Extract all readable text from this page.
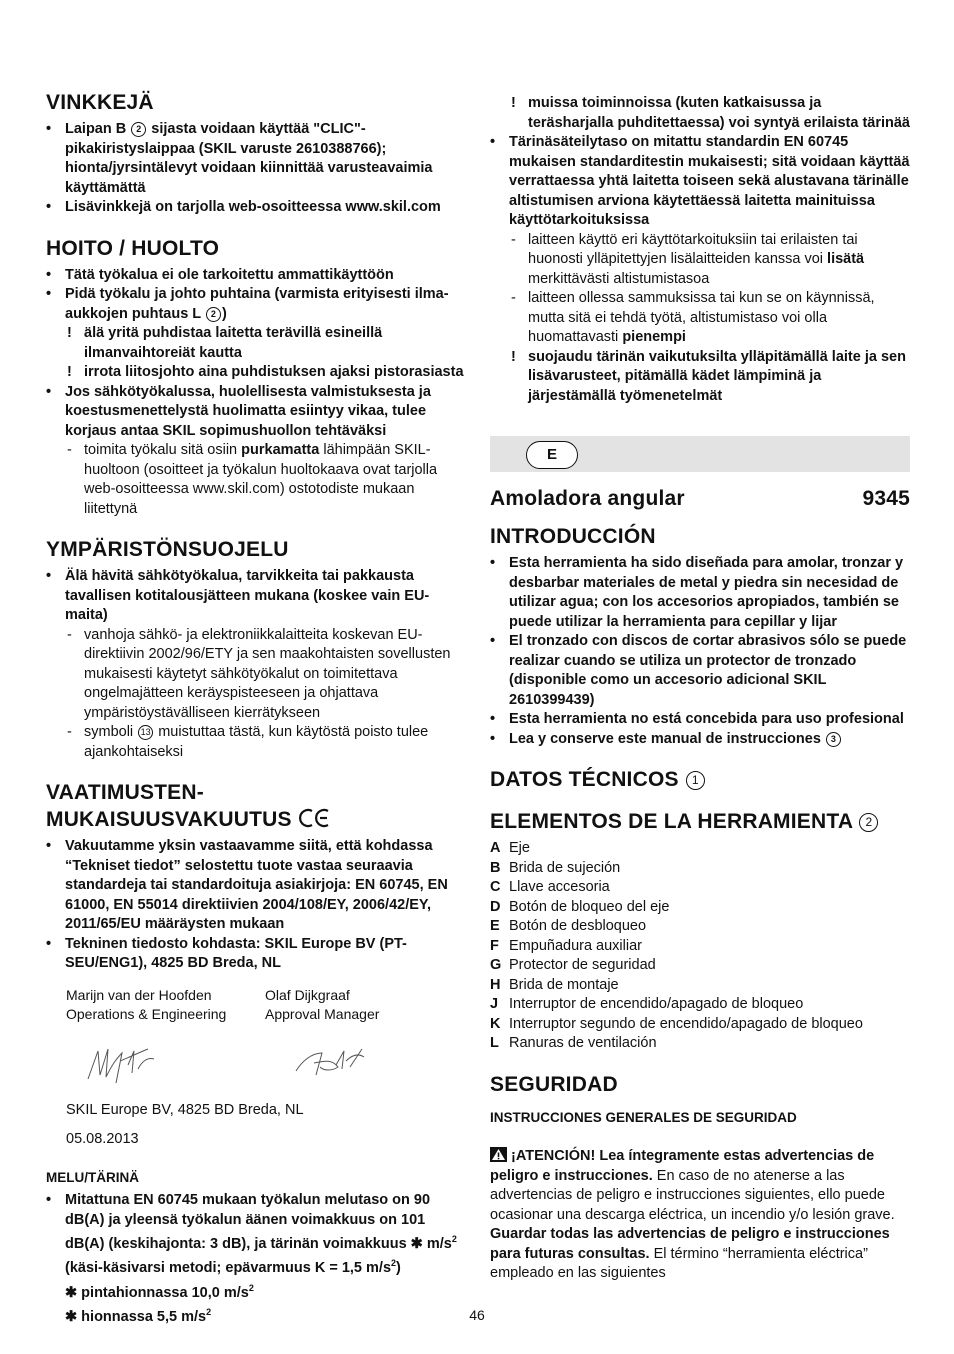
VINKKEJÄ
• Laipan B 2 sijasta voidaan käyttää "CLIC"-pikakiristyslaippaa (SKIL varuste 2610388766); hionta/jyrsintälevyt voidaan kiinnittää varusteavaimia käyttämättä
• Lisävinkkejä on tarjolla web-osoitteessa www.skil.com
HOITO / HUOLTO
• Tätä työkalua ei ole tarkoitettu ammattikäyttöön
• Pidä työkalu ja johto puhtaina (varmista erityisesti ilma-aukkojen puhtaus L 2 )
! älä yritä puhdistaa laitetta terävillä esineillä ilmanvaihtoreiät kautta
! irrota liitosjohto aina puhdistuksen ajaksi pistorasiasta
• Jos sähkötyökalussa, huolellisesta valmistuksesta ja koestusmenettelystä huolimatta esiintyy vikaa, tulee korjaus antaa SKIL sopimushuollon tehtäväksi
- toimita työkalu sitä osiin purkamatta lähimpään SKIL-huoltoon (osoitteet ja työkalun huoltokaava ovat tarjolla web-osoitteessa www.skil.com) ostotodiste mukaan liitettynä
YMPÄRISTÖNSUOJELU
• Älä hävitä sähkötyökalua, tarvikkeita tai pakkausta tavallisen kotitalousjätteen mukana (koskee vain EU-maita)
- vanhoja sähkö- ja elektroniikkalaitteita koskevan EU-direktiivin 2002/96/ETY ja sen maakohtaisten sovellusten mukaisesti käytetyt sähkötyökalut on toimitettava ongelmajätteen keräyspisteeseen ja ohjattava ympäristöystävälliseen kierrätykseen
- symboli 13 muistuttaa tästä, kun käytöstä poisto tulee ajankohtaiseksi
VAATIMUSTEN-
MUKAISUUSVAKUUTUS
• Vakuutamme yksin vastaavamme siitä, että kohdassa “Tekniset tiedot” selostettu tuote vastaa seuraavia standardeja tai standardoituja asiakirjoja: EN 60745, EN 61000, EN 55014 direktiivien 2004/108/EY, 2006/42/EY, 2011/65/EU määräysten mukaan
• Tekninen tiedosto kohdasta: SKIL Europe BV (PT-SEU/ENG1), 4825 BD Breda, NL
Marijn van der Hoofden
Operations & Engineering
Olaf Dijkgraaf
Approval Manager
SKIL Europe BV, 4825 BD Breda, NL
05.08.2013
MELU/TÄRINÄ
• Mitattuna EN 60745 mukaan työkalun melutaso on 90 dB(A) ja yleensä työkalun äänen voimakkuus on 101 dB(A) (keskihajonta: 3 dB), ja tärinän voimakkuus ✱ $m/s^2$ (käsi-käsivarsi metodi; epävarmuus K = 1,5 $m/s^2$)
✱ pintahionnassa 10,0 $m/s^2$
✱ hionnassa 5,5 $m/s^2$
! muissa toiminnoissa (kuten katkaisussa ja teräsharjalla puhditettaessa) voi syntyä erilaista tärinää
• Tärinäsäteilytaso on mitattu standardin EN 60745 mukaisen standarditestin mukaisesti; sitä voidaan käyttää verrattaessa yhtä laitetta toiseen sekä alustavana tärinälle altistumisen arviona käytettäessä laitetta mainituissa käyttötarkoituksissa
- laitteen käyttö eri käyttötarkoituksiin tai erilaisten tai huonosti ylläpitettyjen lisälaitteiden kanssa voi lisätä merkittävästi altistumistasoa
- laitteen ollessa sammuksissa tai kun se on käynnissä, mutta sitä ei tehdä työtä, altistumistaso voi olla huomattavasti pienempi
! suojaudu tärinän vaikutuksilta ylläpitämällä laite ja sen lisävarusteet, pitämällä kädet lämpiminä ja järjestämällä työmenetelmät
E
Amoladora angular	9345
INTRODUCCIÓN
• Esta herramienta ha sido diseñada para amolar, tronzar y desbarbar materiales de metal y piedra sin necesidad de utilizar agua; con los accesorios apropiados, también se puede utilizar la herramienta para cepillar y lijar
• El tronzado con discos de cortar abrasivos sólo se puede realizar cuando se utiliza un protector de tronzado (disponible como un accesorio adicional SKIL 2610399439)
• Esta herramienta no está concebida para uso profesional
• Lea y conserve este manual de instrucciones 3
DATOS TÉCNICOS 1
ELEMENTOS DE LA HERRAMIENTA 2
A Eje
B Brida de sujeción
C Llave accesoria
D Botón de bloqueo del eje
E Botón de desbloqueo
F Empuñadura auxiliar
G Protector de seguridad
H Brida de montaje
J Interruptor de encendido/apagado de bloqueo
K Interruptor segundo de encendido/apagado de bloqueo
L Ranuras de ventilación
SEGURIDAD
INSTRUCCIONES GENERALES DE SEGURIDAD

¡ATENCIÓN! Lea íntegramente estas advertencias de peligro e instrucciones. En caso de no atenerse a las advertencias de peligro e instrucciones siguientes, ello puede ocasionar una descarga eléctrica, un incendio y/o lesión grave. Guardar todas las advertencias de peligro e instrucciones para futuras consultas. El término “herramienta eléctrica” empleado en las siguientes

46
